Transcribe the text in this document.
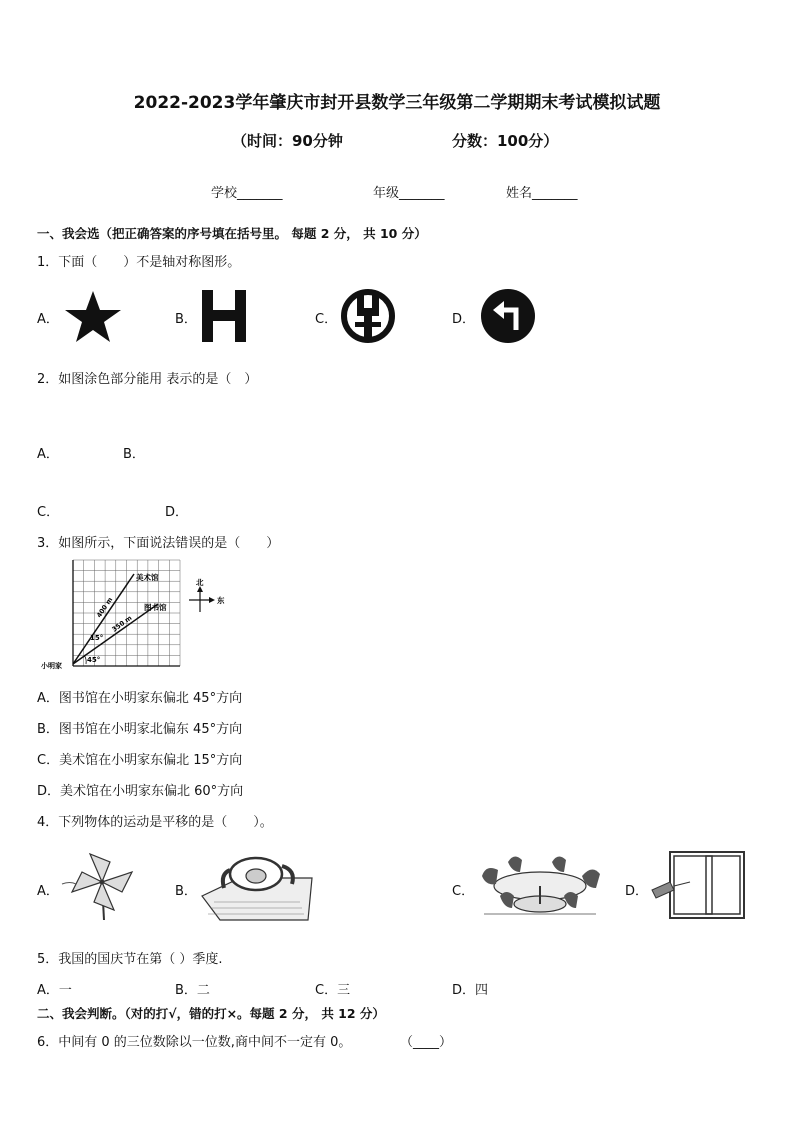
2022-2023学年肇庆市封开县数学三年级第二学期期末考试模拟试题
（时间：90分钟	分数：100分）
学校_______	年级_______	姓名_______
一、我会选（把正确答案的序号填在括号里。 每题 2 分， 共 10 分）
1．下面（　　）不是轴对称图形。
A．	B．	C．	D．
2．如图涂色部分能用 表示的是（　）
A．	B．
C．	D．
3．如图所示，下面说法错误的是（　　）
美术馆
图书馆
小明家
400 m
350 m
15°
45°
北
东
A．图书馆在小明家东偏北 45°方向
B．图书馆在小明家北偏东 45°方向
C．美术馆在小明家东偏北 15°方向
D．美术馆在小明家东偏北 60°方向
4．下列物体的运动是平移的是（　　）。
A．	B．	C．	D．
5．我国的国庆节在第（ ）季度.
A．一	B．二	C．三	D．四
二、我会判断。（对的打√，错的打×。每题 2 分， 共 12 分）
6．中间有 0 的三位数除以一位数,商中间不一定有 0。	（____）
